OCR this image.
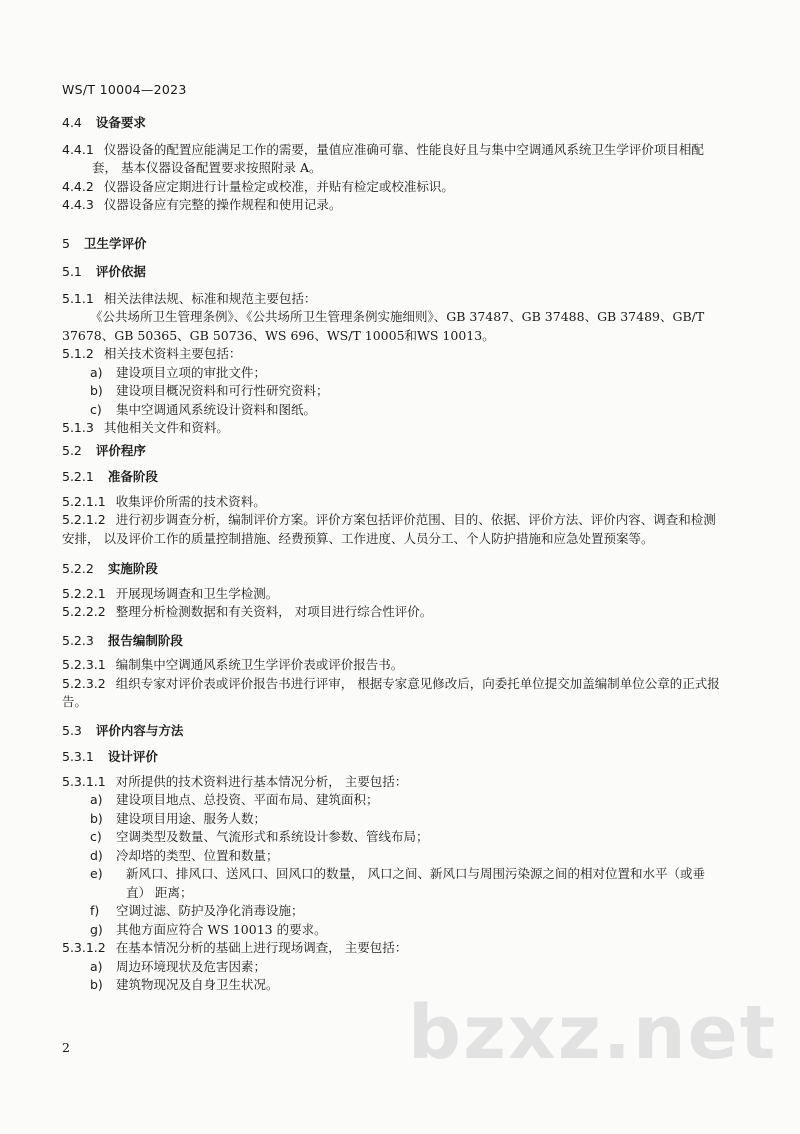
WS/T 10004—2023
4.4 设备要求

4.4.1 仪器设备的配置应能满足工作的需要，量值应准确可靠、性能良好且与集中空调通风系统卫生学评价项目相配套， 基本仪器设备配置要求按照附录 A。

4.4.2 仪器设备应定期进行计量检定或校准，并贴有检定或校准标识。

4.4.3 仪器设备应有完整的操作规程和使用记录。

5 卫生学评价
5.1 评价依据

5.1.1 相关法律法规、标准和规范主要包括：

《公共场所卫生管理条例》、《公共场所卫生管理条例实施细则》、GB 37487、GB 37488、GB 37489、GB/T 37678、GB 50365、GB 50736、WS 696、WS/T 10005和WS 10013。

5.1.2 相关技术资料主要包括：

a) 建设项目立项的审批文件；

b) 建设项目概况资料和可行性研究资料；

c) 集中空调通风系统设计资料和图纸。

5.1.3 其他相关文件和资料。

5.2 评价程序
5.2.1 准备阶段

5.2.1.1 收集评价所需的技术资料。

5.2.1.2 进行初步调查分析，编制评价方案。评价方案包括评价范围、目的、依据、评价方法、评价内容、调查和检测安排， 以及评价工作的质量控制措施、经费预算、工作进度、人员分工、个人防护措施和应急处置预案等。

5.2.2 实施阶段

5.2.2.1 开展现场调查和卫生学检测。

5.2.2.2 整理分析检测数据和有关资料， 对项目进行综合性评价。

5.2.3 报告编制阶段

5.2.3.1 编制集中空调通风系统卫生学评价表或评价报告书。

5.2.3.2 组织专家对评价表或评价报告书进行评审， 根据专家意见修改后，向委托单位提交加盖编制单位公章的正式报告。

5.3 评价内容与方法
5.3.1 设计评价

5.3.1.1 对所提供的技术资料进行基本情况分析， 主要包括：

a) 建设项目地点、总投资、平面布局、建筑面积；

b) 建设项目用途、服务人数；

c) 空调类型及数量、气流形式和系统设计参数、管线布局；

d) 冷却塔的类型、位置和数量；

e) 新风口、排风口、送风口、回风口的数量， 风口之间、新风口与周围污染源之间的相对位置和水平（或垂直） 距离；

f) 空调过滤、防护及净化消毒设施；

g) 其他方面应符合 WS 10013 的要求。

5.3.1.2 在基本情况分析的基础上进行现场调查， 主要包括：

a) 周边环境现状及危害因素；

b) 建筑物现况及自身卫生状况。

bzxz.net
2
